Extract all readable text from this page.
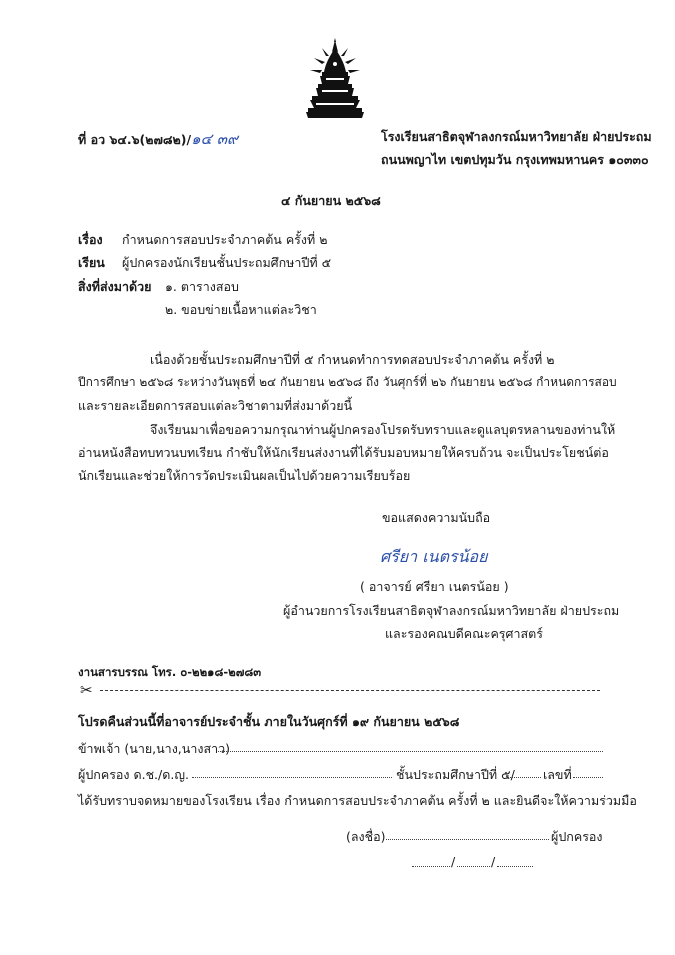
ที่ อว ๖๔.๖(๒๗๘๒)/๑๔ ๓๙	โรงเรียนสาธิตจุฬาลงกรณ์มหาวิทยาลัย ฝ่ายประถม
ถนนพญาไท เขตปทุมวัน กรุงเทพมหานคร ๑๐๓๓๐
๔ กันยายน ๒๕๖๘
เรื่อง กำหนดการสอบประจำภาคต้น ครั้งที่ ๒
เรียน ผู้ปกครองนักเรียนชั้นประถมศึกษาปีที่ ๕
สิ่งที่ส่งมาด้วย ๑. ตารางสอบ
๒. ขอบข่ายเนื้อหาแต่ละวิชา
เนื่องด้วยชั้นประถมศึกษาปีที่ ๕ กำหนดทำการทดสอบประจำภาคต้น ครั้งที่ ๒
ปีการศึกษา ๒๕๖๘ ระหว่างวันพุธที่ ๒๔ กันยายน ๒๕๖๘ ถึง วันศุกร์ที่ ๒๖ กันยายน ๒๕๖๘ กำหนดการสอบ
และรายละเอียดการสอบแต่ละวิชาตามที่ส่งมาด้วยนี้
จึงเรียนมาเพื่อขอความกรุณาท่านผู้ปกครองโปรดรับทราบและดูแลบุตรหลานของท่านให้
อ่านหนังสือทบทวนบทเรียน กำชับให้นักเรียนส่งงานที่ได้รับมอบหมายให้ครบถ้วน จะเป็นประโยชน์ต่อ
นักเรียนและช่วยให้การวัดประเมินผลเป็นไปด้วยความเรียบร้อย
ขอแสดงความนับถือ
ศรียา เนตรน้อย
( อาจารย์ ศรียา เนตรน้อย )
ผู้อำนวยการโรงเรียนสาธิตจุฬาลงกรณ์มหาวิทยาลัย ฝ่ายประถม
และรองคณบดีคณะครุศาสตร์
งานสารบรรณ โทร. ๐-๒๒๑๘-๒๗๘๓
✂
โปรดคืนส่วนนี้ที่อาจารย์ประจำชั้น ภายในวันศุกร์ที่ ๑๙ กันยายน ๒๕๖๘
ข้าพเจ้า (นาย,นาง,นางสาว)
ผู้ปกครอง ด.ช./ด.ญ.	ชั้นประถมศึกษาปีที่ ๕/ เลขที่
ได้รับทราบจดหมายของโรงเรียน เรื่อง กำหนดการสอบประจำภาคต้น ครั้งที่ ๒ และยินดีจะให้ความร่วมมือ
(ลงชื่อ)	ผู้ปกครอง
/	/
